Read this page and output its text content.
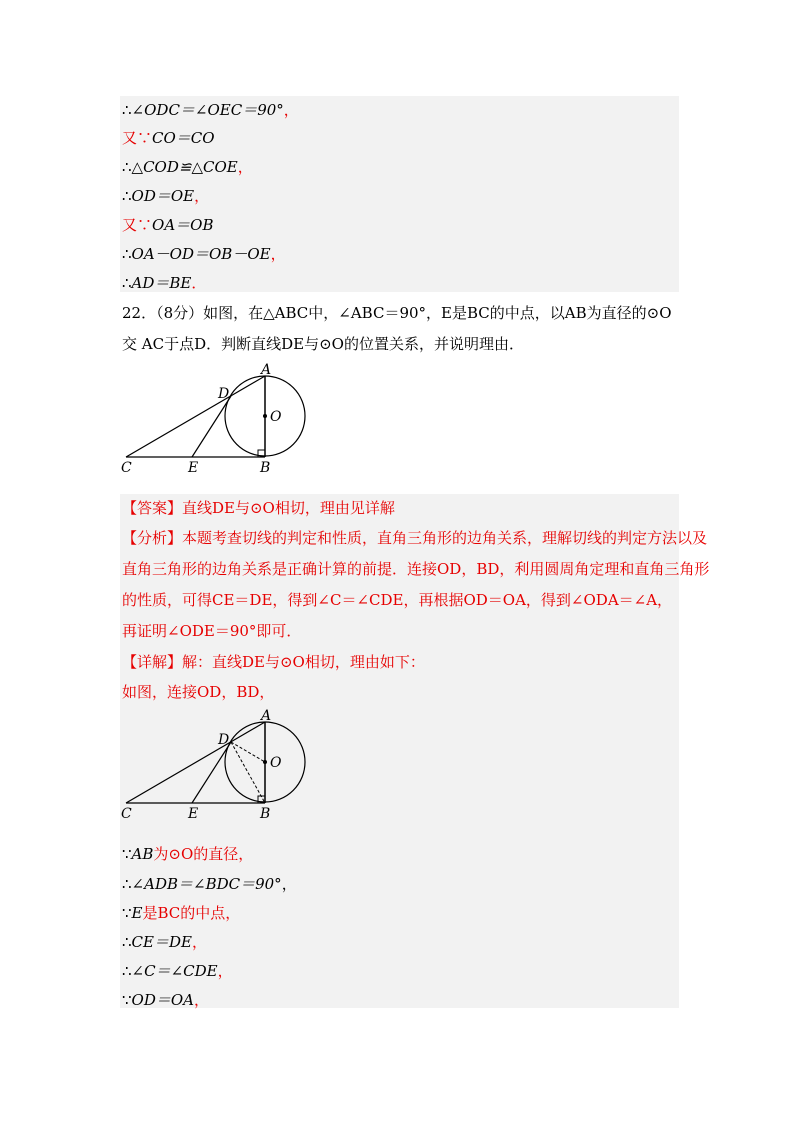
∴∠ODC＝∠OEC＝90°，
又∵CO＝CO
∴△COD≌△COE，
∴OD＝OE，
又∵OA＝OB
∴OA－OD＝OB－OE，
∴AD＝BE．
22．（8分）如图，在△ABC中，∠ABC＝90°，E是BC的中点，以AB为直径的⊙O
交 AC于点D．判断直线DE与⊙O的位置关系，并说明理由．
A
D
O
C	E	B
【答案】直线DE与⊙O相切，理由见详解
【分析】本题考查切线的判定和性质，直角三角形的边角关系，理解切线的判定方法以及
直角三角形的边角关系是正确计算的前提．连接OD，BD，利用圆周角定理和直角三角形
的性质，可得CE＝DE，得到∠C＝∠CDE，再根据OD＝OA，得到∠ODA＝∠A，
再证明∠ODE＝90°即可．
【详解】解：直线DE与⊙O相切，理由如下：
如图，连接OD，BD，
A
D
O
C	E	B
∵AB为⊙O的直径，
∴∠ADB＝∠BDC＝90°，
∵E是BC的中点，
∴CE＝DE，
∴∠C＝∠CDE，
∵OD＝OA，
